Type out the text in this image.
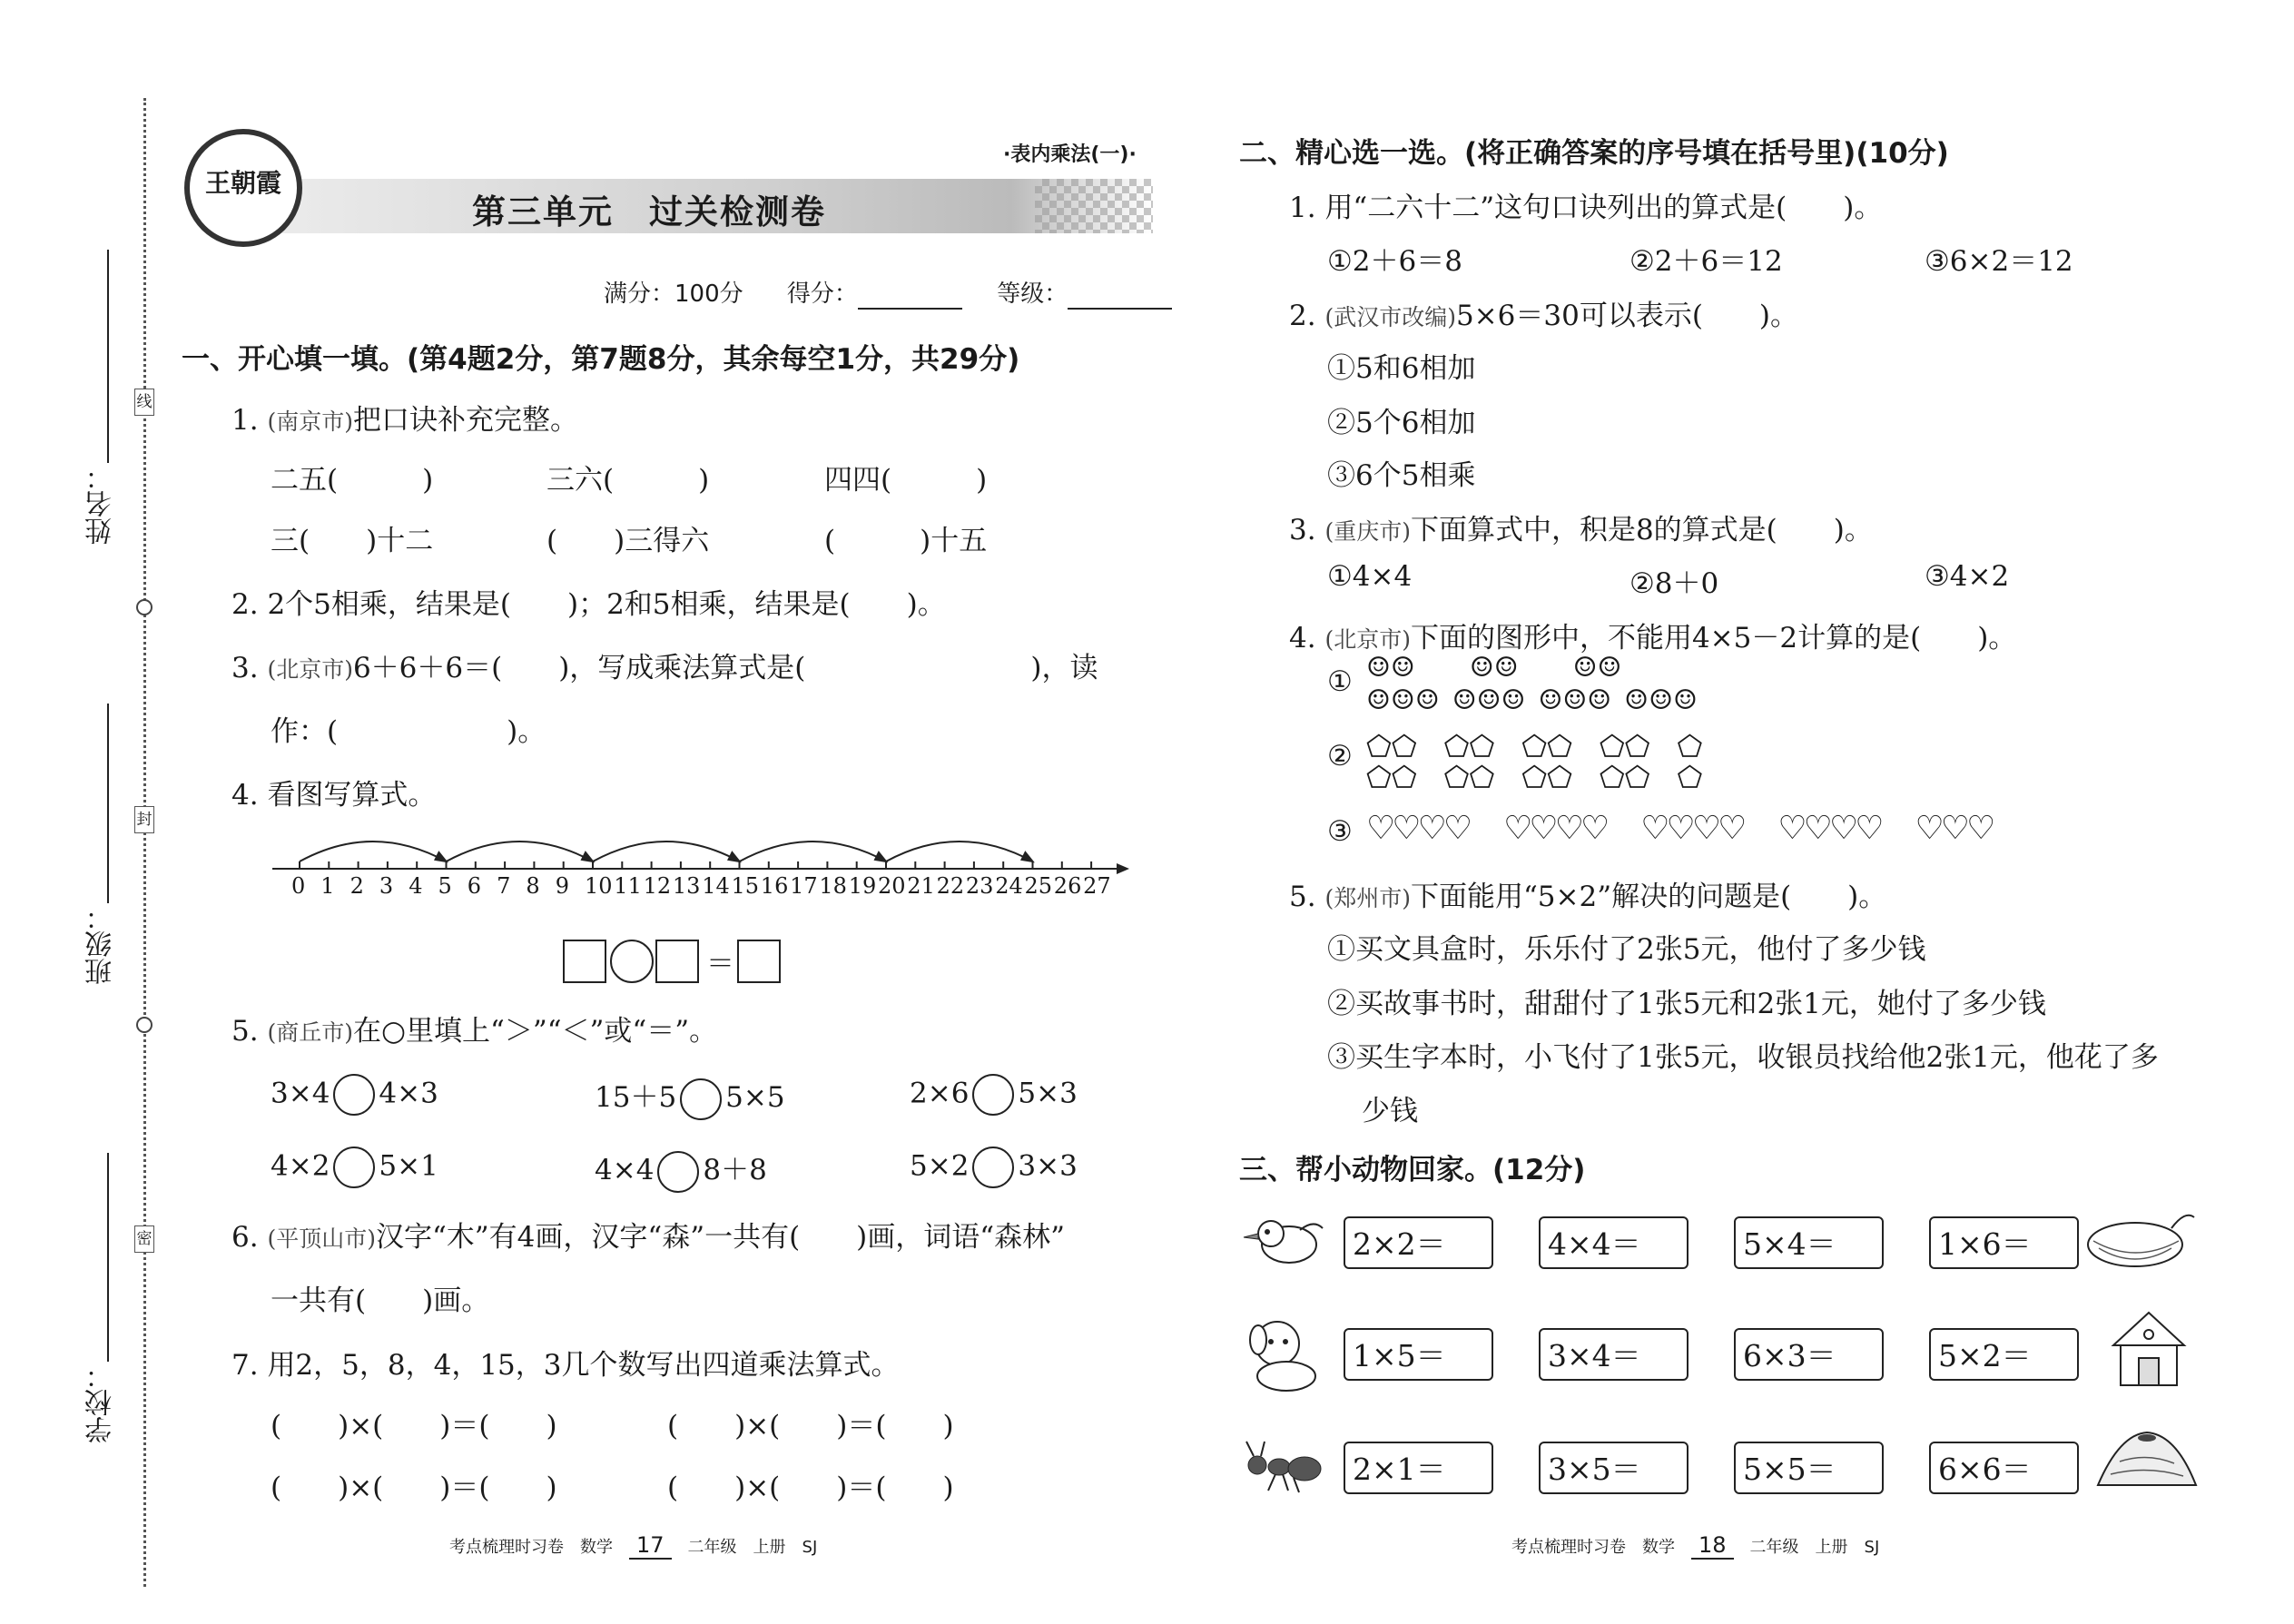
线
封
密
姓名：
班级：
学校：
王朝霞
·表内乘法(一)·
第三单元　过关检测卷
满分：100分 得分：	等级：
一、开心填一填。(第4题2分，第7题8分，其余每空1分，共29分)
1. (南京市)把口诀补充完整。
二五(　　　)	三六(　　　)	四四(　　　)
三(　　)十二	(　　)三得六	(　　　)十五
2. 2个5相乘，结果是(　　)；2和5相乘，结果是(　　)。
3. (北京市)6＋6＋6＝(　　)，写成乘法算式是(　　　　　　　　)，读
作：(　　　　　　)。
4. 看图写算式。
0 1 2 3 4 5 6 7 8 9 10 11 12 13 14 15 16 17 18 19 20 21 22 23 24 25 26 27
＝
5. (商丘市)在○里填上“＞”“＜”或“＝”。
3×4 4×3	15＋5 5×5	2×6 5×3
4×2 5×1	4×4 8＋8	5×2 3×3
6. (平顶山市)汉字“木”有4画，汉字“森”一共有(　　)画，词语“森林”
一共有(　　)画。
7. 用2，5，8，4，15，3几个数写出四道乘法算式。
(　　)×(　　)＝(　　)	(　　)×(　　)＝(　　)
(　　)×(　　)＝(　　)	(　　)×(　　)＝(　　)
考点梳理时习卷　数学 17 二年级　上册　SJ
二、精心选一选。(将正确答案的序号填在括号里)(10分)
1. 用“二六十二”这句口诀列出的算式是(　　)。
①2＋6＝8	②2＋6＝12	③6×2＝12
2. (武汉市改编)5×6＝30可以表示(　　)。
①5和6相加
②5个6相加
③6个5相乘
3. (重庆市)下面算式中，积是8的算式是(　　)。
①4×4	②8＋0	③4×2
4. (北京市)下面的图形中，不能用4×5－2计算的是(　　)。
① ☺☺ ☺☺ ☺☺
☺☺☺ ☺☺☺ ☺☺☺ ☺☺☺
② ⬠⬠ ⬠⬠ ⬠⬠ ⬠⬠ ⬠
⬠⬠ ⬠⬠ ⬠⬠ ⬠⬠ ⬠
③ ♡♡♡♡ ♡♡♡♡ ♡♡♡♡ ♡♡♡♡ ♡♡♡
5. (郑州市)下面能用“5×2”解决的问题是(　　)。
①买文具盒时，乐乐付了2张5元，他付了多少钱
②买故事书时，甜甜付了1张5元和2张1元，她付了多少钱
③买生字本时，小飞付了1张5元，收银员找给他2张1元，他花了多
少钱
三、帮小动物回家。(12分)
2×2＝	4×4＝	5×4＝	1×6＝
1×5＝	3×4＝	6×3＝	5×2＝
2×1＝	3×5＝	5×5＝	6×6＝
考点梳理时习卷　数学 18 二年级　上册　SJ
